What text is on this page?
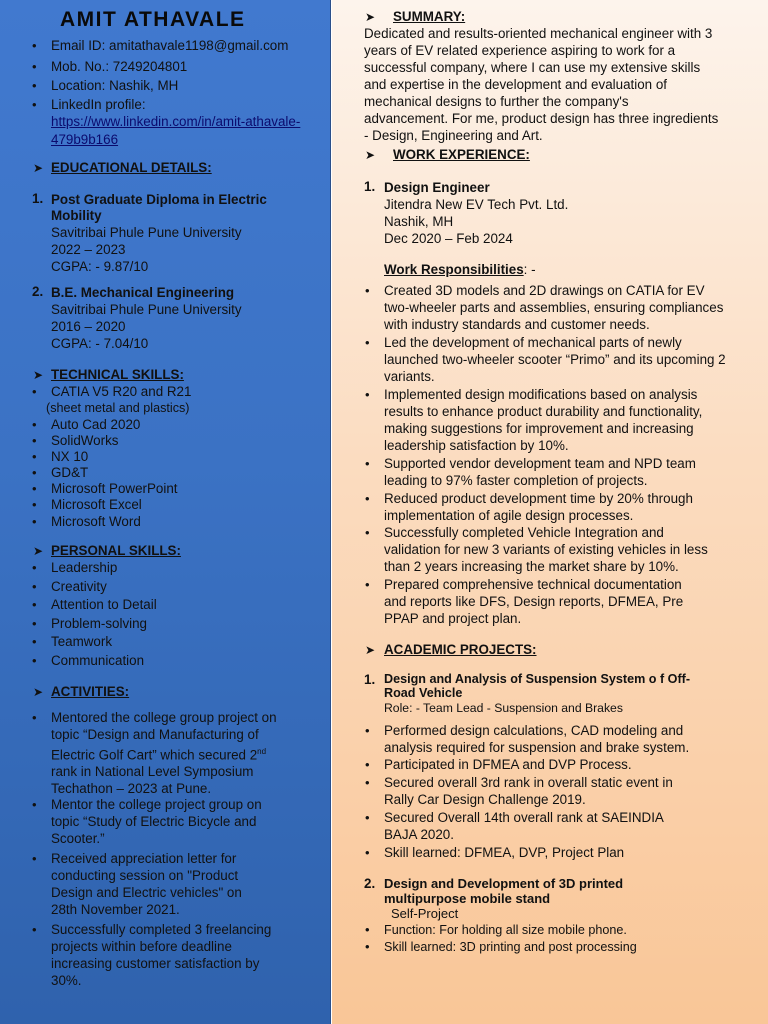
AMIT ATHAVALE
• Email ID: amitathavale1198@gmail.com
• Mob. No.: 7249204801
• Location: Nashik, MH
• LinkedIn profile:
https://www.linkedin.com/in/amit-athavale-
479b9b166
➤ EDUCATIONAL DETAILS:
1. Post Graduate Diploma in Electric
Mobility
Savitribai Phule Pune University
2022 – 2023
CGPA: - 9.87/10
2. B.E. Mechanical Engineering
Savitribai Phule Pune University
2016 – 2020
CGPA: - 7.04/10
➤ TECHNICAL SKILLS:
• CATIA V5 R20 and R21
(sheet metal and plastics)
• Auto Cad 2020
• SolidWorks
• NX 10
• GD&T
• Microsoft PowerPoint
• Microsoft Excel
• Microsoft Word
➤ PERSONAL SKILLS:
• Leadership
• Creativity
• Attention to Detail
• Problem-solving
• Teamwork
• Communication
➤ ACTIVITIES:
• Mentored the college group project on
topic “Design and Manufacturing of
Electric Golf Cart” which secured 2nd
rank in National Level Symposium
Techathon – 2023 at Pune.
• Mentor the college project group on
topic “Study of Electric Bicycle and
Scooter.”
• Received appreciation letter for
conducting session on "Product
Design and Electric vehicles" on
28th November 2021.
• Successfully completed 3 freelancing
projects within before deadline
increasing customer satisfaction by
30%.
➤ SUMMARY:
Dedicated and results-oriented mechanical engineer with 3
years of EV related experience aspiring to work for a
successful company, where I can use my extensive skills
and expertise in the development and evaluation of
mechanical designs to further the company's
advancement. For me, product design has three ingredients
- Design, Engineering and Art.
➤ WORK EXPERIENCE:
1. Design Engineer
Jitendra New EV Tech Pvt. Ltd.
Nashik, MH
Dec 2020 – Feb 2024
Work Responsibilities: -
• Created 3D models and 2D drawings on CATIA for EV
two-wheeler parts and assemblies, ensuring compliances
with industry standards and customer needs.
• Led the development of mechanical parts of newly
launched two-wheeler scooter “Primo” and its upcoming 2
variants.
• Implemented design modifications based on analysis
results to enhance product durability and functionality,
making suggestions for improvement and increasing
leadership satisfaction by 10%.
• Supported vendor development team and NPD team
leading to 97% faster completion of projects.
• Reduced product development time by 20% through
implementation of agile design processes.
• Successfully completed Vehicle Integration and
validation for new 3 variants of existing vehicles in less
than 2 years increasing the market share by 10%.
• Prepared comprehensive technical documentation
and reports like DFS, Design reports, DFMEA, Pre
PPAP and project plan.
➤ ACADEMIC PROJECTS:
1. Design and Analysis of Suspension System o f Off-
Road Vehicle
Role: - Team Lead - Suspension and Brakes
• Performed design calculations, CAD modeling and
analysis required for suspension and brake system.
• Participated in DFMEA and DVP Process.
• Secured overall 3rd rank in overall static event in
Rally Car Design Challenge 2019.
• Secured Overall 14th overall rank at SAEINDIA
BAJA 2020.
• Skill learned: DFMEA, DVP, Project Plan
2. Design and Development of 3D printed
multipurpose mobile stand
Self-Project
• Function: For holding all size mobile phone.
• Skill learned: 3D printing and post processing
